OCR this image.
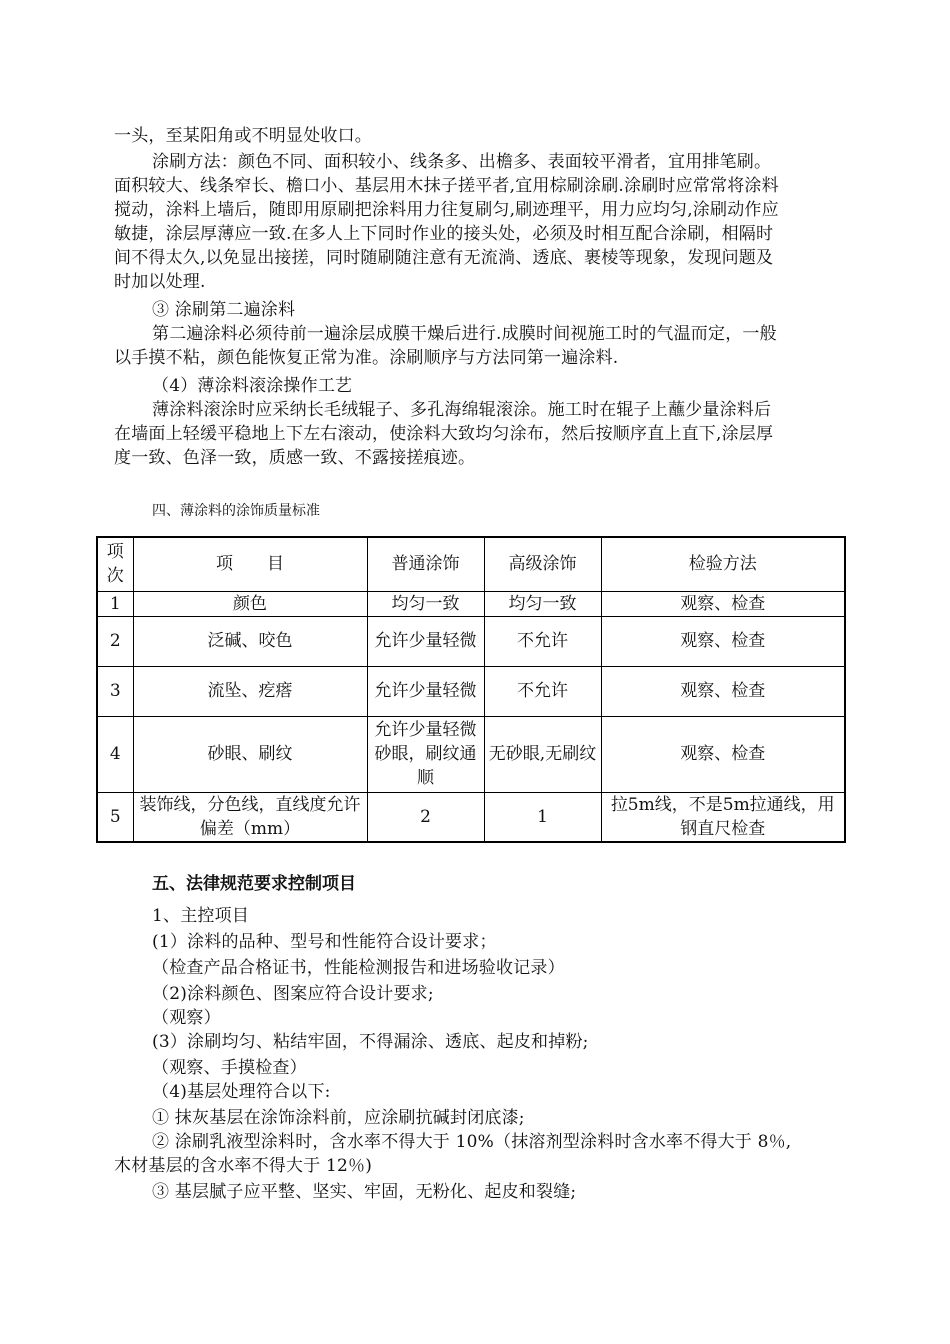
一头，至某阳角或不明显处收口。
涂刷方法：颜色不同、面积较小、线条多、出檐多、表面较平滑者，宜用排笔刷。
面积较大、线条窄长、檐口小、基层用木抹子搓平者,宜用棕刷涂刷.涂刷时应常常将涂料
搅动，涂料上墙后，随即用原刷把涂料用力往复刷匀,刷迹理平，用力应均匀,涂刷动作应
敏捷，涂层厚薄应一致.在多人上下同时作业的接头处，必须及时相互配合涂刷，相隔时
间不得太久,以免显出接搓，同时随刷随注意有无流淌、透底、裹棱等现象，发现问题及
时加以处理.
③ 涂刷第二遍涂料
第二遍涂料必须待前一遍涂层成膜干燥后进行.成膜时间视施工时的气温而定，一般
以手摸不粘，颜色能恢复正常为准。涂刷顺序与方法同第一遍涂料.
（4）薄涂料滚涂操作工艺
薄涂料滚涂时应采纳长毛绒辊子、多孔海绵辊滚涂。施工时在辊子上蘸少量涂料后
在墙面上轻缓平稳地上下左右滚动，使涂料大致均匀涂布，然后按顺序直上直下,涂层厚
度一致、色泽一致，质感一致、不露接搓痕迹。
四、薄涂料的涂饰质量标准
项次	项　　目	普通涂饰	高级涂饰	检验方法
1	颜色	均匀一致	均匀一致	观察、检查
2	泛碱、咬色	允许少量轻微	不允许	观察、检查
3	流坠、疙瘩	允许少量轻微	不允许	观察、检查
4	砂眼、刷纹	允许少量轻微砂眼，刷纹通顺	无砂眼,无刷纹	观察、检查
5	装饰线，分色线，直线度允许偏差（mm）	2	1	拉5m线，不是5m拉通线，用钢直尺检查
五、法律规范要求控制项目
1、主控项目
(1）涂料的品种、型号和性能符合设计要求；
（检查产品合格证书，性能检测报告和进场验收记录）
（2)涂料颜色、图案应符合设计要求;
（观察）
(3）涂刷均匀、粘结牢固，不得漏涂、透底、起皮和掉粉;
（观察、手摸检查）
（4)基层处理符合以下:
① 抹灰基层在涂饰涂料前，应涂刷抗碱封闭底漆;
② 涂刷乳液型涂料时，含水率不得大于 10%（抹溶剂型涂料时含水率不得大于 8％,
木材基层的含水率不得大于 12％)
③ 基层腻子应平整、坚实、牢固，无粉化、起皮和裂缝;
